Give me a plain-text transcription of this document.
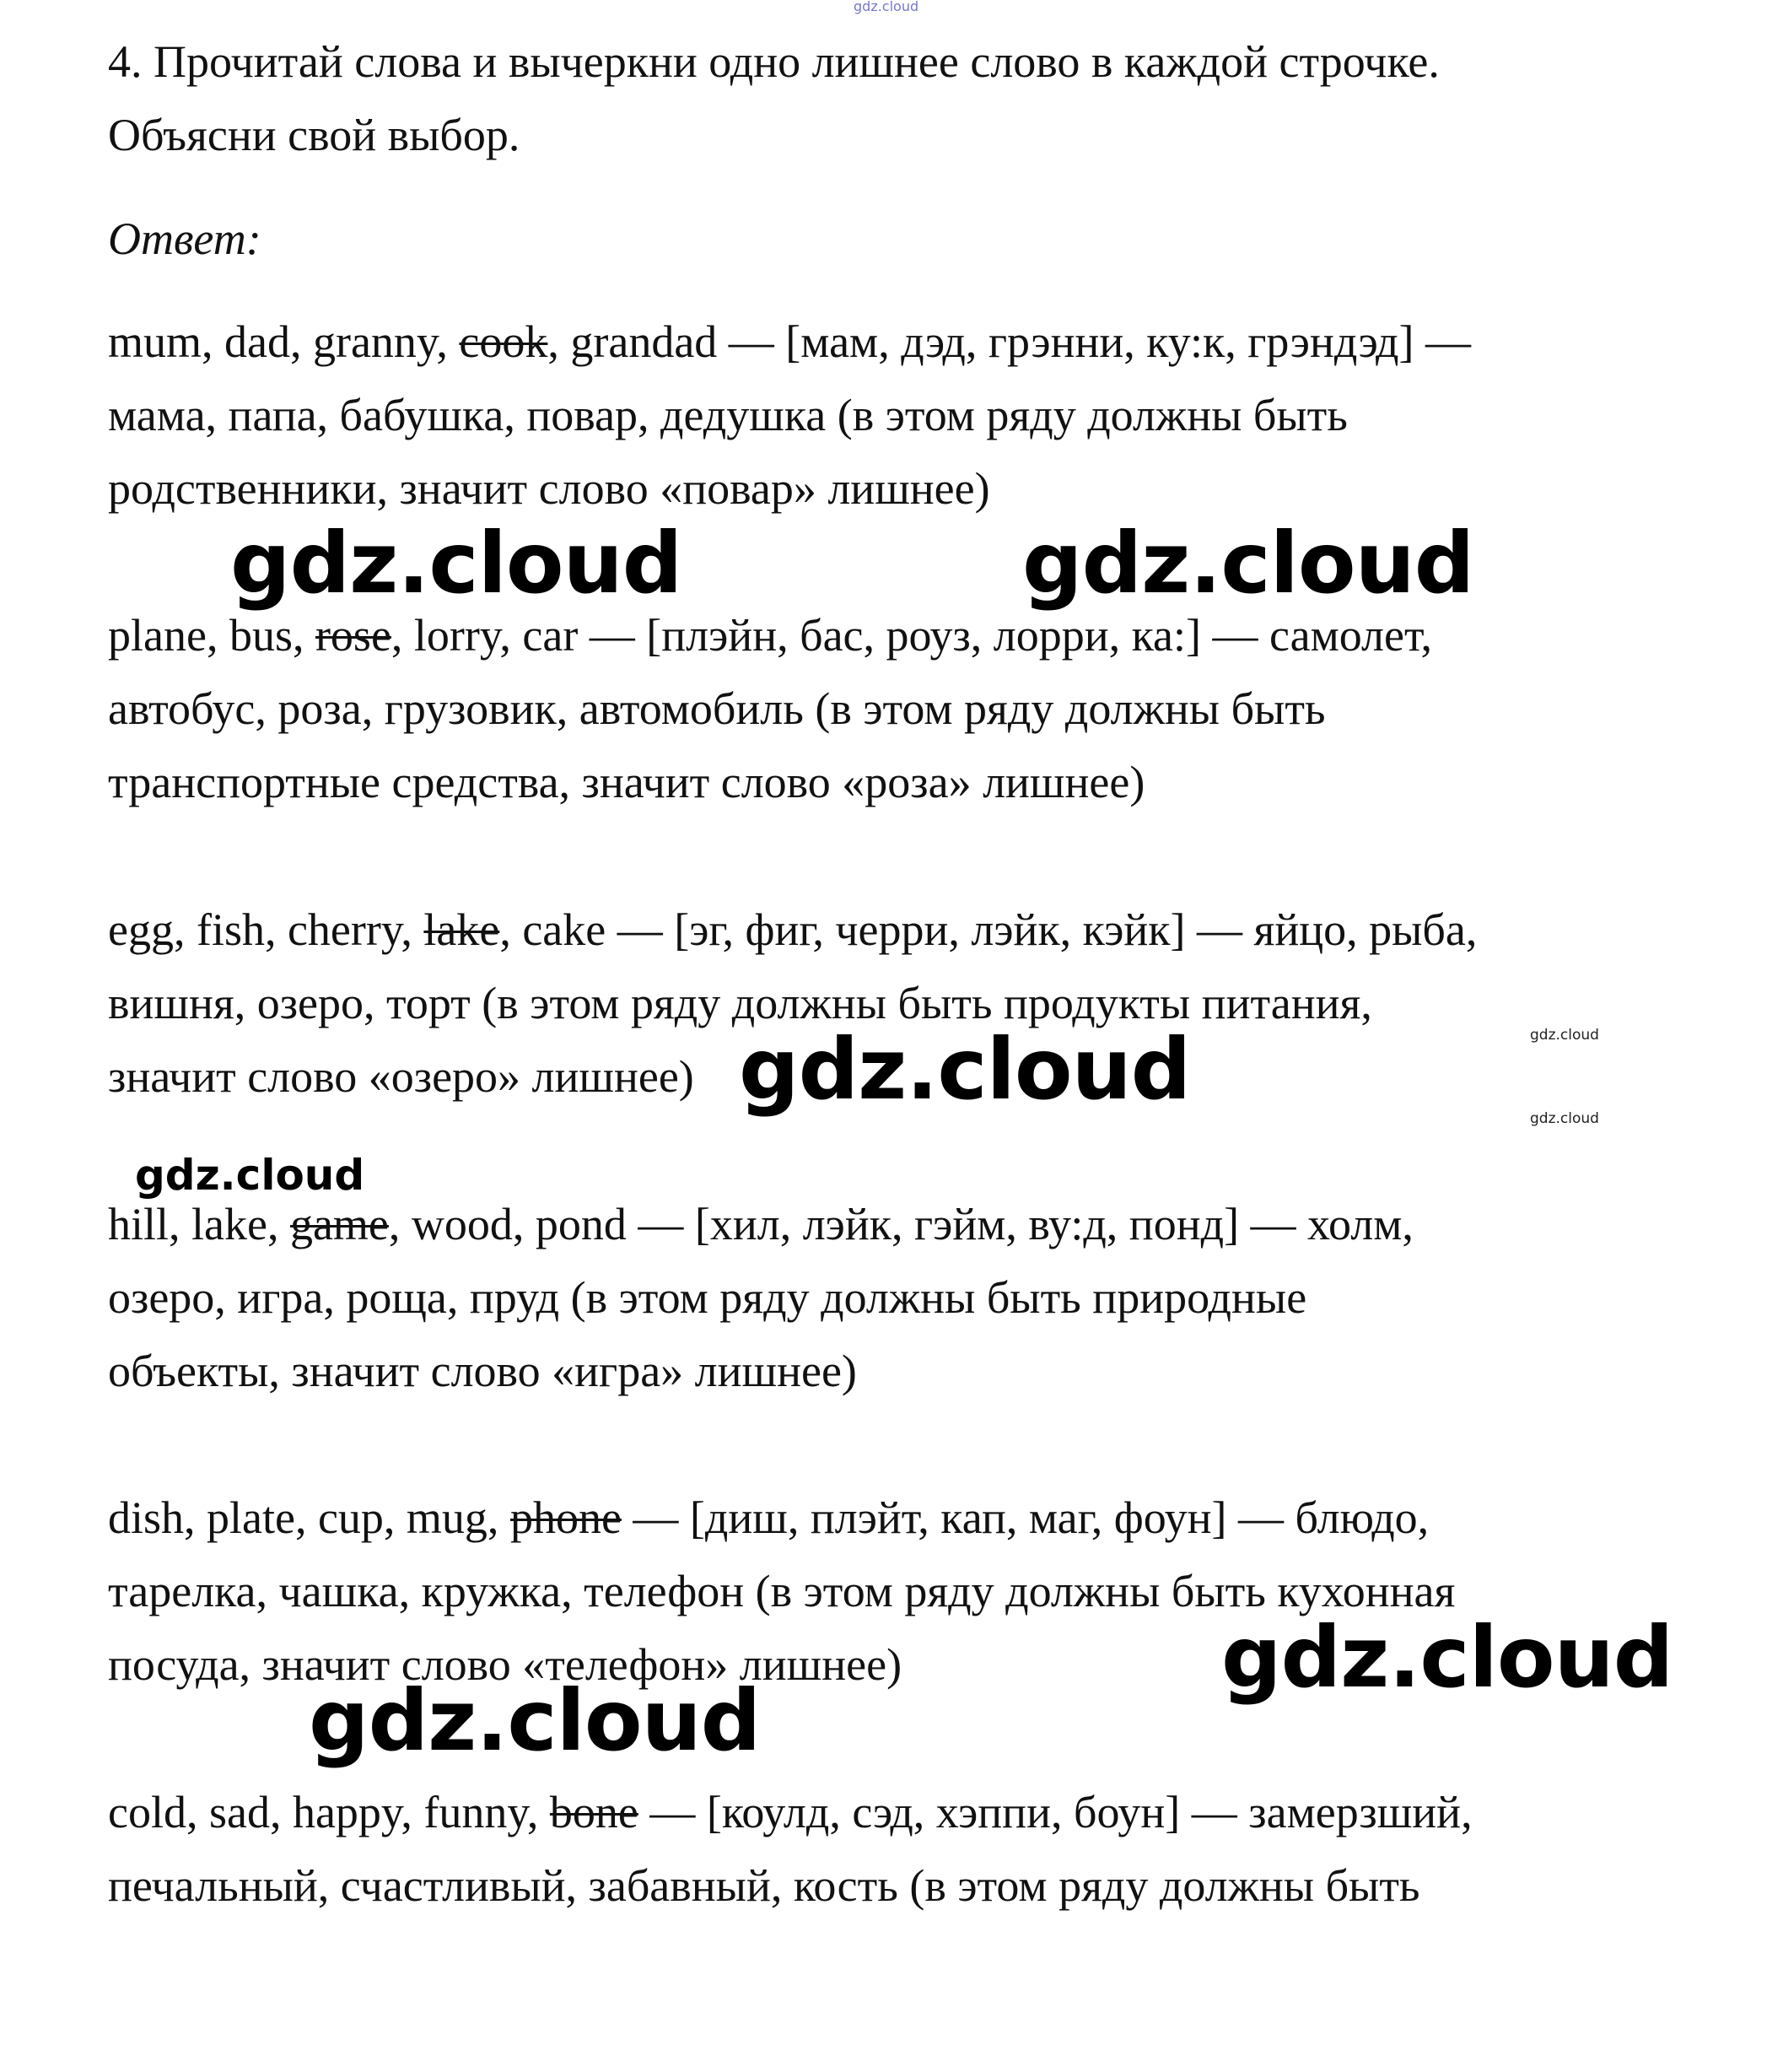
gdz.cloud
4. Прочитай слова и вычеркни одно лишнее слово в каждой строчке.
Объясни свой выбор.
Ответ:
mum, dad, granny, cook, grandad — [мам, дэд, грэнни, ку:к, грэндэд] —
мама, папа, бабушка, повар, дедушка (в этом ряду должны быть
родственники, значит слово «повар» лишнее)
gdz.cloud	gdz.cloud
plane, bus, rose, lorry, car — [плэйн, бас, роуз, лорри, ка:] — самолет,
автобус, роза, грузовик, автомобиль (в этом ряду должны быть
транспортные средства, значит слово «роза» лишнее)
egg, fish, cherry, lake, cake — [эг, фиг, черри, лэйк, кэйк] — яйцо, рыба,
вишня, озеро, торт (в этом ряду должны быть продукты питания,
значит слово «озеро» лишнее) gdz.cloud	gdz.cloud
gdz.cloud
gdz.cloud
hill, lake, game, wood, pond — [хил, лэйк, гэйм, ву:д, понд] — холм,
озеро, игра, роща, пруд (в этом ряду должны быть природные
объекты, значит слово «игра» лишнее)
dish, plate, cup, mug, phone — [диш, плэйт, кап, маг, фоун] — блюдо,
тарелка, чашка, кружка, телефон (в этом ряду должны быть кухонная
посуда, значит слово «телефон» лишнее)	gdz.cloud
gdz.cloud
cold, sad, happy, funny, bone — [коулд, сэд, хэппи, боун] — замерзший,
печальный, счастливый, забавный, кость (в этом ряду должны быть
